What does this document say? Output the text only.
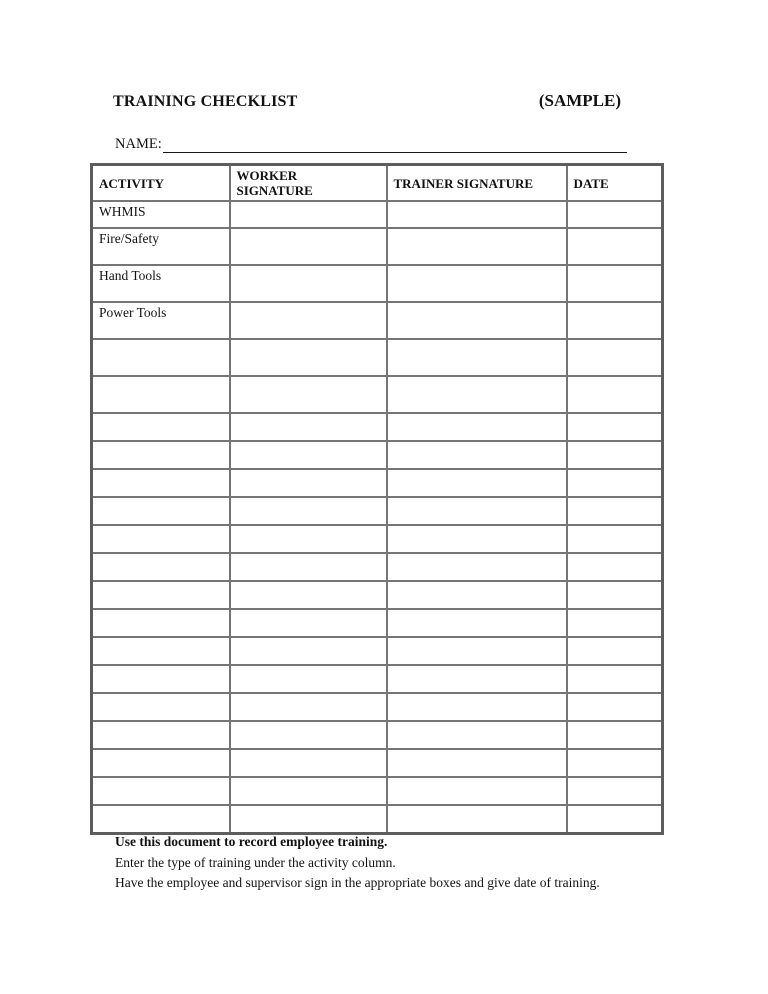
TRAINING CHECKLIST	(SAMPLE)
NAME:
ACTIVITY	WORKER SIGNATURE	TRAINER SIGNATURE	DATE
WHMIS			
Fire/Safety			
Hand Tools			
Power Tools			

Use this document to record employee training.
Enter the type of training under the activity column.
Have the employee and supervisor sign in the appropriate boxes and give date of training.
